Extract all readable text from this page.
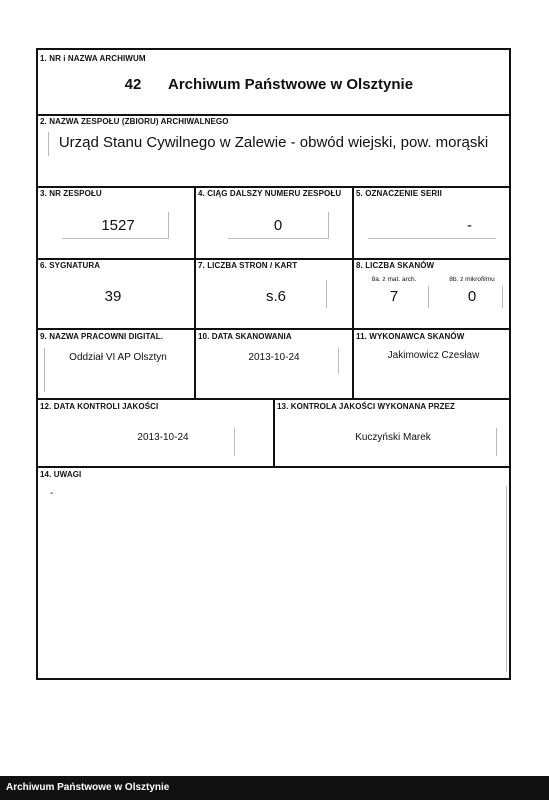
1. NR i NAZWA ARCHIWUM
42	Archiwum Państwowe w Olsztynie
2. NAZWA ZESPOŁU (ZBIORU) ARCHIWALNEGO
Urząd Stanu Cywilnego w Zalewie - obwód wiejski, pow. morąski
3. NR ZESPOŁU
1527
4. CIĄG DALSZY NUMERU ZESPOŁU
0
5. OZNACZENIE SERII
-
6. SYGNATURA
39
7. LICZBA STRON / KART
s.6
8. LICZBA SKANÓW
8a. z mat. arch.	8b. z mikrofilmu
7	0
9. NAZWA PRACOWNI DIGITAL.
Oddział VI AP Olsztyn
10. DATA SKANOWANIA
2013-10-24
11. WYKONAWCA SKANÓW
Jakimowicz Czesław
12. DATA KONTROLI JAKOŚCI
2013-10-24
13. KONTROLA JAKOŚCI WYKONANA PRZEZ
Kuczyński Marek
14. UWAGI
-
Archiwum Państwowe w Olsztynie
